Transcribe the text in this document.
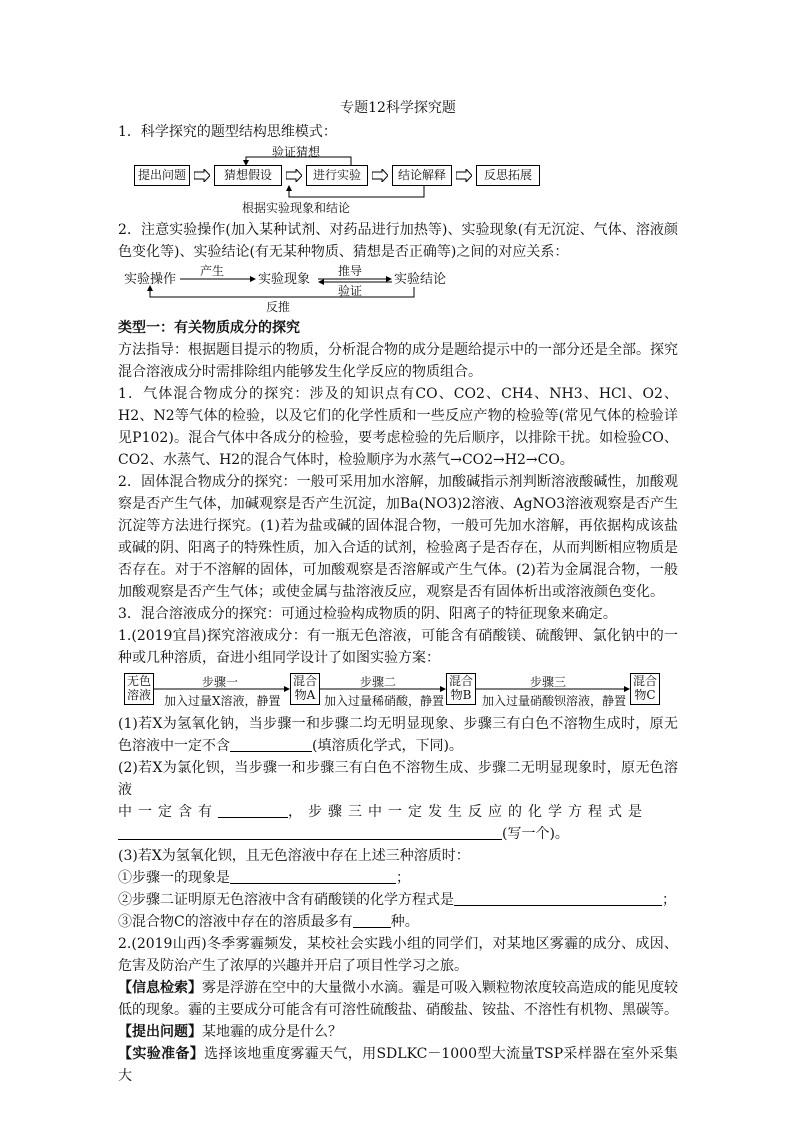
专题12科学探究题

1．科学探究的题型结构思维模式：

验证猜想
根据实验现象和结论
提出问题	猜想假设	进行实验	结论解释	反思拓展

2．注意实验操作(加入某种试剂、对药品进行加热等)、实验现象(有无沉淀、气体、溶液颜色变化等)、实验结论(有无某种物质、猜想是否正确等)之间的对应关系：

实验操作
产生
实验现象
推导
验证
实验结论
反推

类型一：有关物质成分的探究

方法指导：根据题目提示的物质，分析混合物的成分是题给提示中的一部分还是全部。探究混合溶液成分时需排除组内能够发生化学反应的物质组合。

1．气体混合物成分的探究：涉及的知识点有CO、CO2、CH4、NH3、HCl、O2、H2、N2等气体的检验，以及它们的化学性质和一些反应产物的检验等(常见气体的检验详见P102)。混合气体中各成分的检验，要考虑检验的先后顺序，以排除干扰。如检验CO、CO2、水蒸气、H2的混合气体时，检验顺序为水蒸气→CO2→H2→CO。

2．固体混合物成分的探究：一般可采用加水溶解，加酸碱指示剂判断溶液酸碱性，加酸观察是否产生气体，加碱观察是否产生沉淀，加Ba(NO3)2溶液、AgNO3溶液观察是否产生沉淀等方法进行探究。(1)若为盐或碱的固体混合物，一般可先加水溶解，再依据构成该盐或碱的阴、阳离子的特殊性质，加入合适的试剂，检验离子是否存在，从而判断相应物质是否存在。对于不溶解的固体，可加酸观察是否溶解或产生气体。(2)若为金属混合物，一般加酸观察是否产生气体；或使金属与盐溶液反应，观察是否有固体析出或溶液颜色变化。

3．混合溶液成分的探究：可通过检验构成物质的阴、阳离子的特征现象来确定。

1.(2019宜昌)探究溶液成分：有一瓶无色溶液，可能含有硝酸镁、硫酸钾、氯化钠中的一种或几种溶质，奋进小组同学设计了如图实验方案：

无色
溶液
步骤一
加入过量X溶液，静置
混合
物A
步骤二
加入过量稀硝酸，静置
混合
物B
步骤三
加入过量硝酸钡溶液，静置
混合
物C

(1)若X为氢氧化钠，当步骤一和步骤二均无明显现象、步骤三有白色不溶物生成时，原无色溶液中一定不含	(填溶质化学式，下同)。

(2)若X为氯化钡，当步骤一和步骤三有白色不溶物生成、步骤二无明显现象时，原无色溶液

中一定含有	，步骤三中一定发生反应的化学方程式是

(写一个)。

(3)若X为氢氧化钡，且无色溶液中存在上述三种溶质时：

①步骤一的现象是	；

②步骤二证明原无色溶液中含有硝酸镁的化学方程式是	；

③混合物C的溶液中存在的溶质最多有	种。

2.(2019山西)冬季雾霾频发，某校社会实践小组的同学们，对某地区雾霾的成分、成因、危害及防治产生了浓厚的兴趣并开启了项目性学习之旅。

【信息检索】雾是浮游在空中的大量微小水滴。霾是可吸入颗粒物浓度较高造成的能见度较低的现象。霾的主要成分可能含有可溶性硫酸盐、硝酸盐、铵盐、不溶性有机物、黑碳等。

【提出问题】某地霾的成分是什么？

【实验准备】选择该地重度雾霾天气，用SDLKC－1000型大流量TSP采样器在室外采集大
